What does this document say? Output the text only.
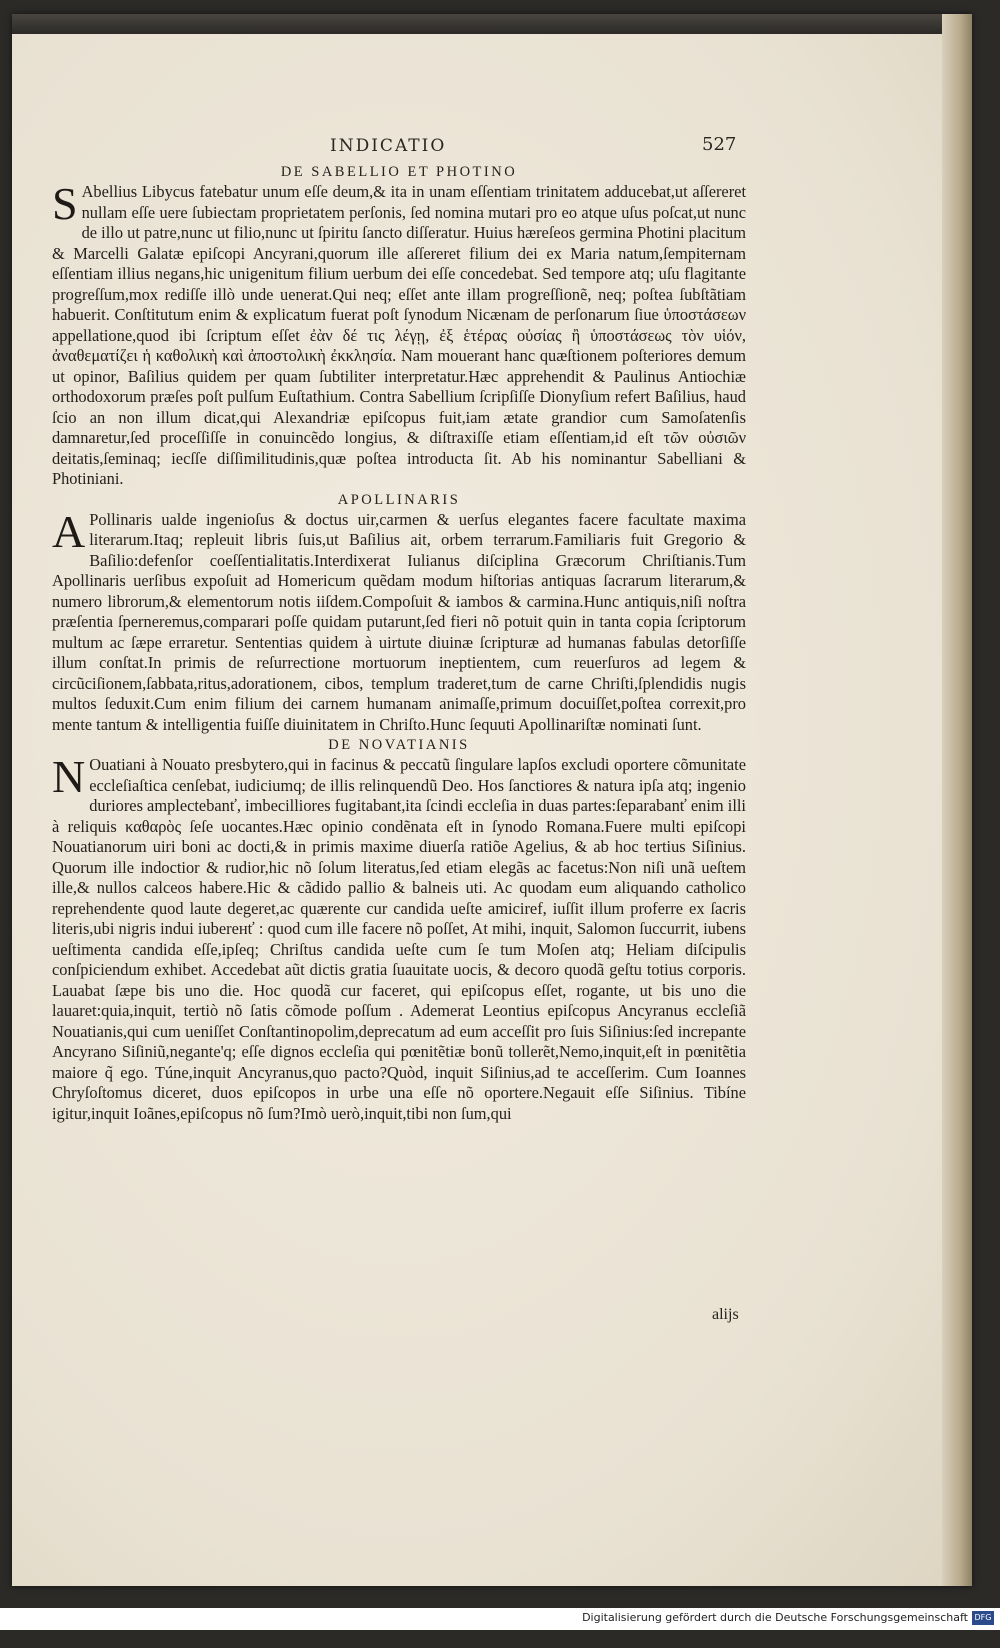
INDICATIO	527
DE SABELLIO ET PHOTINO

S Abellius Libycus fatebatur unum eſſe deum,& ita in unam eſſentiam trinitatem adducebat,ut aſſereret nullam eſſe uere ſubiectam proprietatem perſonis, ſed nomina mutari pro eo atque uſus poſcat,ut nunc de illo ut patre,nunc ut filio,nunc ut ſpiritu ſancto diſſeratur. Huius hæreſeos germina Photini placitum & Marcelli Galatæ epiſcopi Ancyrani,quorum ille aſſereret filium dei ex Maria natum,ſempiternam eſſentiam illius negans,hic unigenitum filium uerbum dei eſſe concedebat. Sed tempore atq; uſu flagitante progreſſum,mox rediſſe illò unde uenerat.Qui neq; eſſet ante illam progreſſionẽ, neq; poſtea ſubſtãtiam habuerit. Conſtitutum enim & explicatum fuerat poſt ſynodum Nicænam de perſonarum ſiue ὑποστάσεων appellatione,quod ibi ſcriptum eſſet ἐὰν δέ τις λέγῃ, ἐξ ἑτέρας οὐσίας ἢ ὑποστάσεως τὸν υἱόν, ἀναθεματίζει ἡ καθολικὴ καὶ ἀποστολικὴ ἐκκλησία. Nam mouerant hanc quæſtionem poſteriores demum ut opinor, Baſilius quidem per quam ſubtiliter interpretatur.Hæc apprehendit & Paulinus Antiochiæ orthodoxorum præſes poſt pulſum Euſtathium. Contra Sabellium ſcripſiſſe Dionyſium refert Baſilius, haud ſcio an non illum dicat,qui Alexandriæ epiſcopus fuit,iam ætate grandior cum Samoſatenſis damnaretur,ſed proceſſiſſe in conuincẽdo longius, & diſtraxiſſe etiam eſſentiam,id eſt τῶν οὐσιῶν deitatis,ſeminaq; iecſſe diſſimilitudinis,quæ poſtea introducta ſit. Ab his nominantur Sabelliani & Photiniani.

APOLLINARIS

A Pollinaris ualde ingenioſus & doctus uir,carmen & uerſus elegantes facere facultate maxima literarum.Itaq; repleuit libris ſuis,ut Baſilius ait, orbem terrarum.Familiaris fuit Gregorio & Baſilio:defenſor coeſſentialitatis.Interdixerat Iulianus diſciplina Græcorum Chriſtianis.Tum Apollinaris uerſibus expoſuit ad Homericum quẽdam modum hiſtorias antiquas ſacrarum literarum,& numero librorum,& elementorum notis iiſdem.Compoſuit & iambos & carmina.Hunc antiquis,niſi noſtra præſentia ſperneremus,comparari poſſe quidam putarunt,ſed fieri nõ potuit quin in tanta copia ſcriptorum multum ac ſæpe erraretur. Sententias quidem à uirtute diuinæ ſcripturæ ad humanas fabulas detorſiſſe illum conſtat.In primis de reſurrectione mortuorum ineptientem, cum reuerſuros ad legem & circũciſionem,ſabbata,ritus,adorationem, cibos, templum traderet,tum de carne Chriſti,ſplendidis nugis multos ſeduxit.Cum enim filium dei carnem humanam animaſſe,primum docuiſſet,poſtea correxit,pro mente tantum & intelligentia fuiſſe diuinitatem in Chriſto.Hunc ſequuti Apollinariſtæ nominati ſunt.

DE NOVATIANIS

N Ouatiani à Nouato presbytero,qui in facinus & peccatũ ſingulare lapſos excludi oportere cõmunitate eccleſiaſtica cenſebat, iudiciumq; de illis relinquendũ Deo. Hos ſanctiores & natura ipſa atq; ingenio duriores amplectebanť, imbecilliores fugitabant,ita ſcindi eccleſia in duas partes:ſeparabanť enim illi à reliquis καθαρὸς ſeſe uocantes.Hæc opinio condẽnata eſt in ſynodo Romana.Fuere multi epiſcopi Nouatianorum uiri boni ac docti,& in primis maxime diuerſa ratiõe Agelius, & ab hoc tertius Siſinius. Quorum ille indoctior & rudior,hic nõ ſolum literatus,ſed etiam elegãs ac facetus:Non niſi unã ueſtem ille,& nullos calceos habere.Hic & cãdido pallio & balneis uti. Ac quodam eum aliquando catholico reprehendente quod laute degeret,ac quærente cur candida ueſte amiciref, iuſſit illum proferre ex ſacris literis,ubi nigris indui iubereнť : quod cum ille facere nõ poſſet, At mihi, inquit, Salomon ſuccurrit, iubens ueſtimenta candida eſſe,ipſeq; Chriſtus candida ueſte cum ſe tum Moſen atq; Heliam diſcipulis conſpiciendum exhibet. Accedebat aũt dictis gratia ſuauitate uocis, & decoro quodã geſtu totius corporis. Lauabat ſæpe bis uno die. Hoc quodã cur faceret, qui epiſcopus eſſet, rogante, ut bis uno die lauaret:quia,inquit, tertiò nõ ſatis cõmode poſſum . Ademerat Leontius epiſcopus Ancyranus eccleſiã Nouatianis,qui cum ueniſſet Conſtantinopolim,deprecatum ad eum acceſſit pro ſuis Siſinius:ſed increpante Ancyrano Siſiniũ,negante'q; eſſe dignos eccleſia qui pœnitẽtiæ bonũ tollerẽt,Nemo,inquit,eſt in pœnitẽtia maiore q̃ ego. Túne,inquit Ancyranus,quo pacto?Quòd, inquit Siſinius,ad te acceſſerim. Cum Ioannes Chryſoſtomus diceret, duos epiſcopos in urbe una eſſe nõ oportere.Negauit eſſe Siſinius. Tibíne igitur,inquit Ioãnes,epiſcopus nõ ſum?Imò uerò,inquit,tibi non ſum,qui

alijs
Digitalisierung gefördert durch die Deutsche Forschungsgemeinschaft DFG
